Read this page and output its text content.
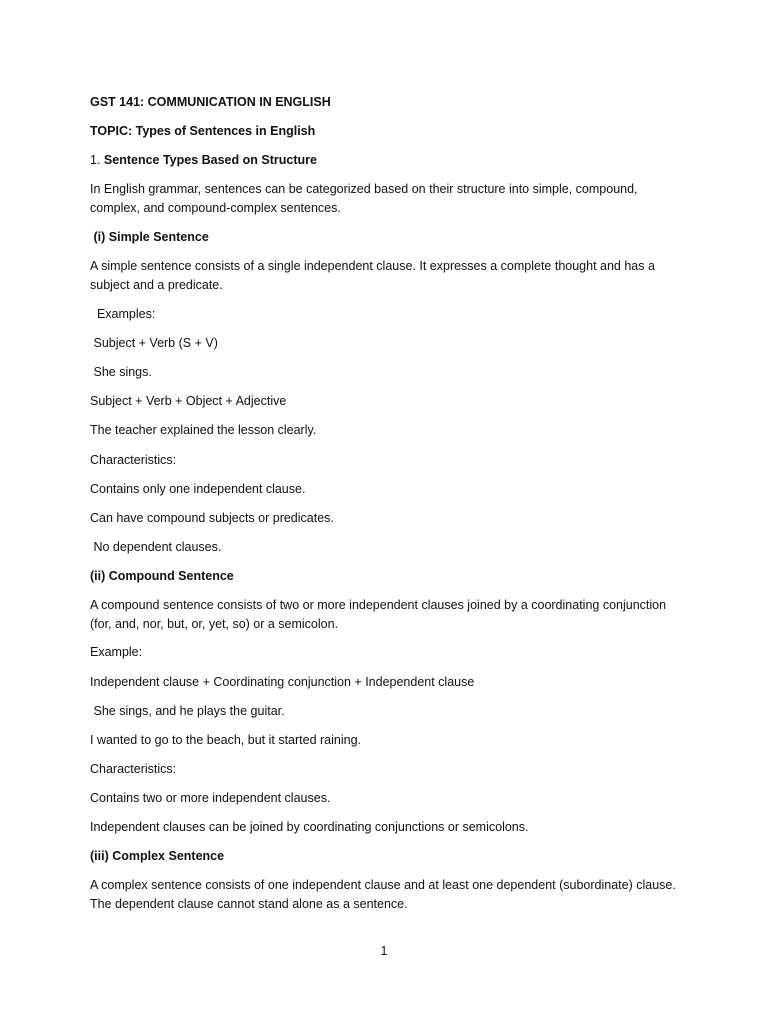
GST 141: COMMUNICATION IN ENGLISH
TOPIC: Types of Sentences in English
1. Sentence Types Based on Structure
In English grammar, sentences can be categorized based on their structure into simple, compound, complex, and compound-complex sentences.
(i) Simple Sentence
A simple sentence consists of a single independent clause. It expresses a complete thought and has a subject and a predicate.
Examples:
Subject + Verb (S + V)
She sings.
Subject + Verb + Object + Adjective
The teacher explained the lesson clearly.
Characteristics:
Contains only one independent clause.
Can have compound subjects or predicates.
No dependent clauses.
(ii) Compound Sentence
A compound sentence consists of two or more independent clauses joined by a coordinating conjunction (for, and, nor, but, or, yet, so) or a semicolon.
Example:
Independent clause + Coordinating conjunction + Independent clause
She sings, and he plays the guitar.
I wanted to go to the beach, but it started raining.
Characteristics:
Contains two or more independent clauses.
Independent clauses can be joined by coordinating conjunctions or semicolons.
(iii) Complex Sentence
A complex sentence consists of one independent clause and at least one dependent (subordinate) clause. The dependent clause cannot stand alone as a sentence.
1
